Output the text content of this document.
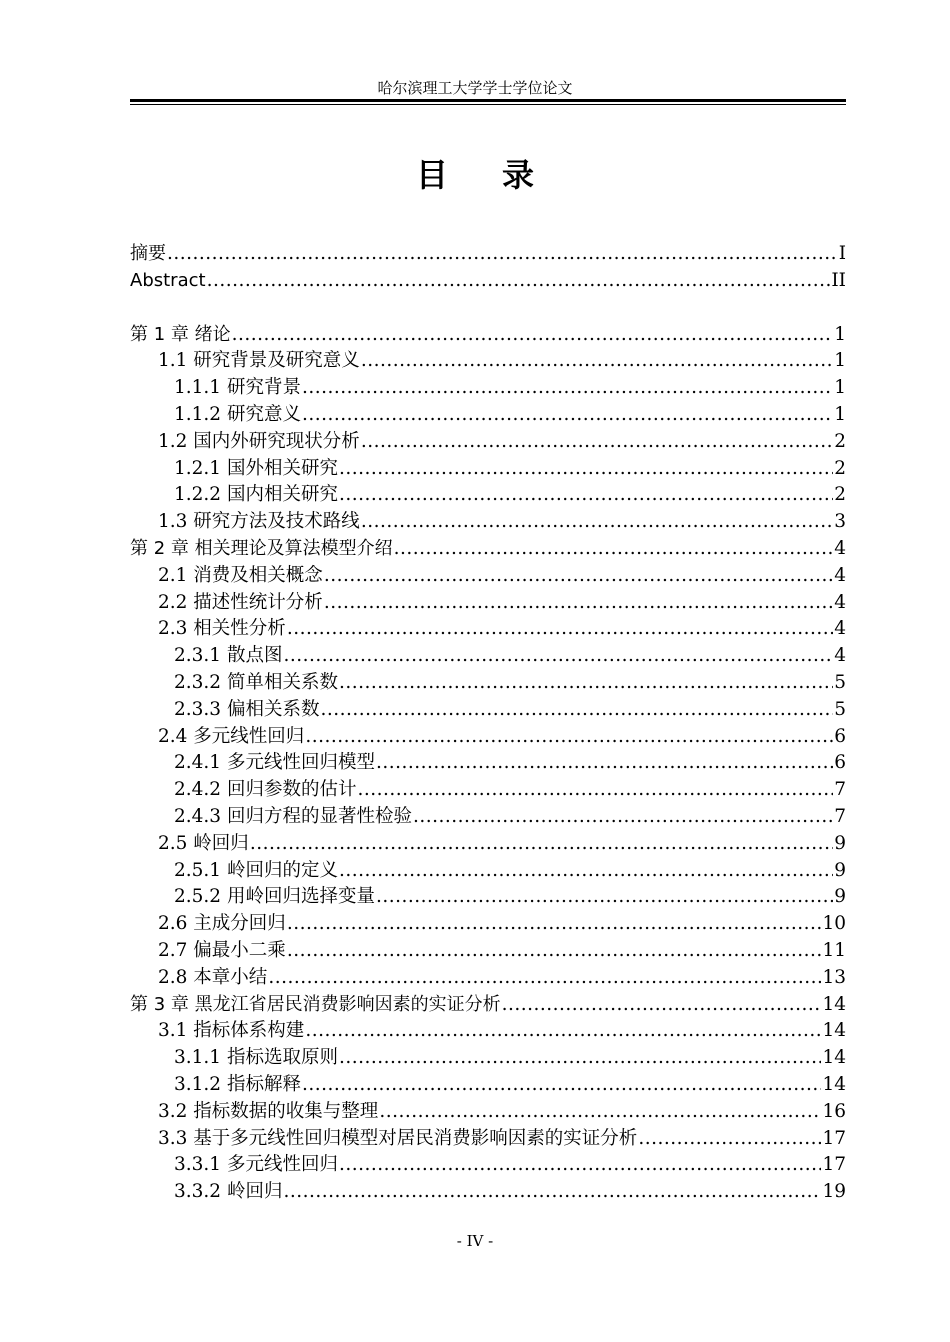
哈尔滨理工大学学士学位论文
目录
摘要 .....	I
Abstract .....	II
第 1 章 绪论 .....	1
1.1 研究背景及研究意义 .....	1
1.1.1 研究背景 .....	1
1.1.2 研究意义 .....	1
1.2 国内外研究现状分析 .....	2
1.2.1 国外相关研究 .....	2
1.2.2 国内相关研究 .....	2
1.3 研究方法及技术路线 .....	3
第 2 章 相关理论及算法模型介绍 .....	4
2.1 消费及相关概念 .....	4
2.2 描述性统计分析 .....	4
2.3 相关性分析 .....	4
2.3.1 散点图 .....	4
2.3.2 简单相关系数 .....	5
2.3.3 偏相关系数 .....	5
2.4 多元线性回归 .....	6
2.4.1 多元线性回归模型 .....	6
2.4.2 回归参数的估计 .....	7
2.4.3 回归方程的显著性检验 .....	7
2.5 岭回归 .....	9
2.5.1 岭回归的定义 .....	9
2.5.2 用岭回归选择变量 .....	9
2.6 主成分回归 .....	10
2.7 偏最小二乘 .....	11
2.8 本章小结 .....	13
第 3 章 黑龙江省居民消费影响因素的实证分析 .....	14
3.1 指标体系构建 .....	14
3.1.1 指标选取原则 .....	14
3.1.2 指标解释 .....	14
3.2 指标数据的收集与整理 .....	16
3.3 基于多元线性回归模型对居民消费影响因素的实证分析 .....	17
3.3.1 多元线性回归 .....	17
3.3.2 岭回归 .....	19
- IV -
